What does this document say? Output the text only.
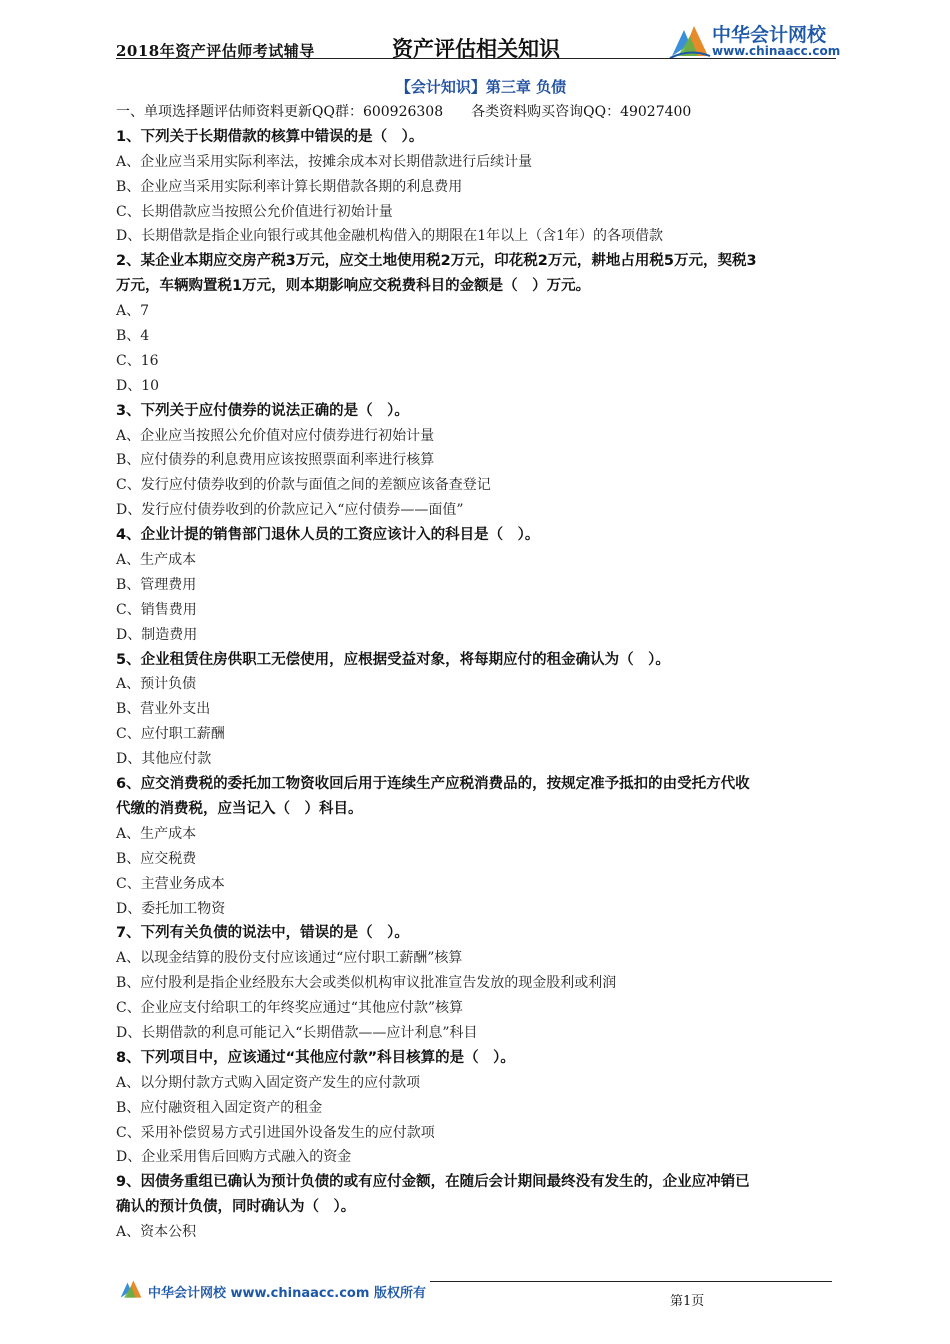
2018年资产评估师考试辅导	资产评估相关知识
中华会计网校
www.chinaacc.com
【会计知识】第三章 负债
一、单项选择题评估师资料更新QQ群：600926308　　各类资料购买咨询QQ：49027400
1、下列关于长期借款的核算中错误的是（　）。
A、企业应当采用实际利率法，按摊余成本对长期借款进行后续计量
B、企业应当采用实际利率计算长期借款各期的利息费用
C、长期借款应当按照公允价值进行初始计量
D、长期借款是指企业向银行或其他金融机构借入的期限在1年以上（含1年）的各项借款
2、某企业本期应交房产税3万元，应交土地使用税2万元，印花税2万元，耕地占用税5万元，契税3
万元，车辆购置税1万元，则本期影响应交税费科目的金额是（　）万元。
A、7
B、4
C、16
D、10
3、下列关于应付债券的说法正确的是（　）。
A、企业应当按照公允价值对应付债券进行初始计量
B、应付债券的利息费用应该按照票面利率进行核算
C、发行应付债券收到的价款与面值之间的差额应该备查登记
D、发行应付债券收到的价款应记入“应付债券——面值”
4、企业计提的销售部门退休人员的工资应该计入的科目是（　）。
A、生产成本
B、管理费用
C、销售费用
D、制造费用
5、企业租赁住房供职工无偿使用，应根据受益对象，将每期应付的租金确认为（　）。
A、预计负债
B、营业外支出
C、应付职工薪酬
D、其他应付款
6、应交消费税的委托加工物资收回后用于连续生产应税消费品的，按规定准予抵扣的由受托方代收
代缴的消费税，应当记入（　）科目。
A、生产成本
B、应交税费
C、主营业务成本
D、委托加工物资
7、下列有关负债的说法中，错误的是（　）。
A、以现金结算的股份支付应该通过“应付职工薪酬”核算
B、应付股利是指企业经股东大会或类似机构审议批准宣告发放的现金股利或利润
C、企业应支付给职工的年终奖应通过“其他应付款”核算
D、长期借款的利息可能记入“长期借款——应计利息”科目
8、下列项目中，应该通过“其他应付款”科目核算的是（　）。
A、以分期付款方式购入固定资产发生的应付款项
B、应付融资租入固定资产的租金
C、采用补偿贸易方式引进国外设备发生的应付款项
D、企业采用售后回购方式融入的资金
9、因债务重组已确认为预计负债的或有应付金额，在随后会计期间最终没有发生的，企业应冲销已
确认的预计负债，同时确认为（　）。
A、资本公积
中华会计网校 www.chinaacc.com 版权所有
第1页
